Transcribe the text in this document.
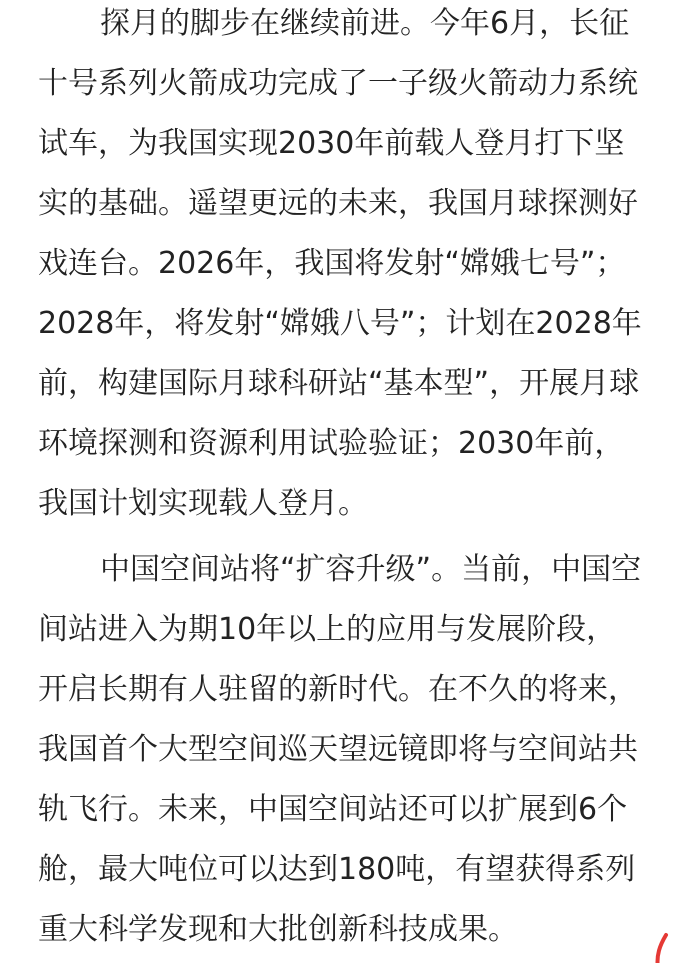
探月的脚步在继续前进。今年6月，长征
十号系列火箭成功完成了一子级火箭动力系统
试车，为我国实现2030年前载人登月打下坚
实的基础。遥望更远的未来，我国月球探测好
戏连台。2026年，我国将发射“嫦娥七号”；
2028年，将发射“嫦娥八号”；计划在2028年
前，构建国际月球科研站“基本型”，开展月球
环境探测和资源利用试验验证；2030年前，
我国计划实现载人登月。
中国空间站将“扩容升级”。当前，中国空
间站进入为期10年以上的应用与发展阶段，
开启长期有人驻留的新时代。在不久的将来，
我国首个大型空间巡天望远镜即将与空间站共
轨飞行。未来，中国空间站还可以扩展到6个
舱，最大吨位可以达到180吨，有望获得系列
重大科学发现和大批创新科技成果。
